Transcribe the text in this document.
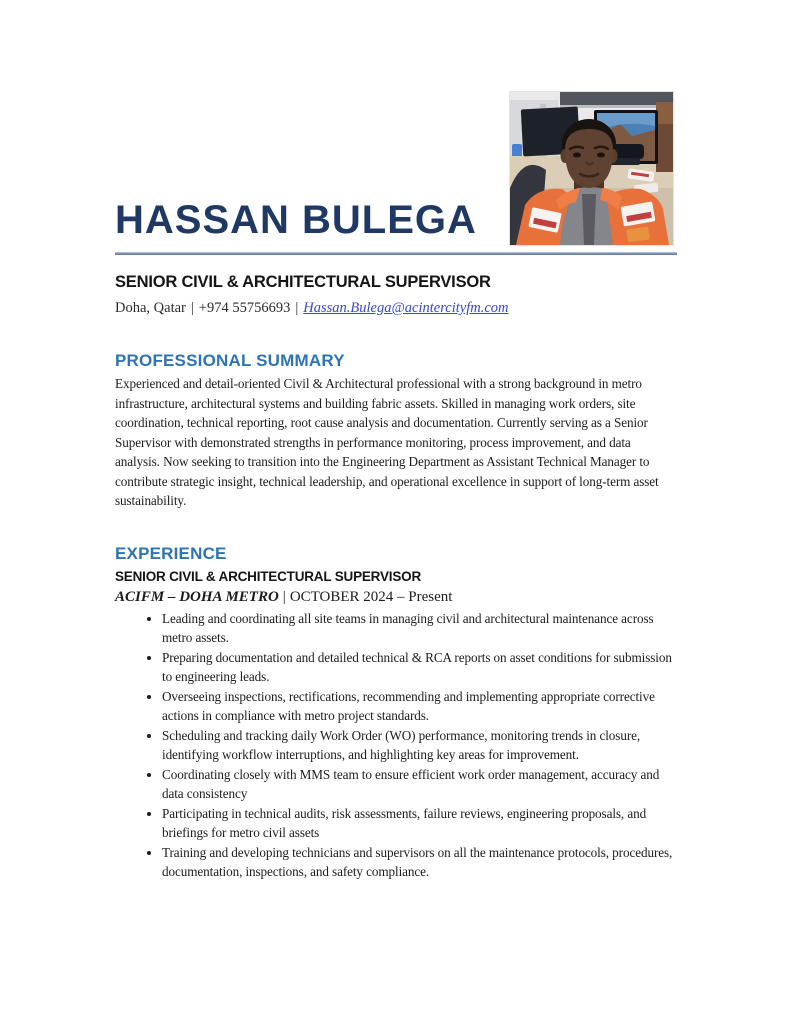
HASSAN BULEGA
SENIOR CIVIL & ARCHITECTURAL SUPERVISOR
Doha, Qatar | +974 55756693 | Hassan.Bulega@acintercityfm.com
PROFESSIONAL SUMMARY
Experienced and detail-oriented Civil & Architectural professional with a strong background in metro infrastructure, architectural systems and building fabric assets. Skilled in managing work orders, site coordination, technical reporting, root cause analysis and documentation. Currently serving as a Senior Supervisor with demonstrated strengths in performance monitoring, process improvement, and data analysis. Now seeking to transition into the Engineering Department as Assistant Technical Manager to contribute strategic insight, technical leadership, and operational excellence in support of long-term asset sustainability.
EXPERIENCE
SENIOR CIVIL & ARCHITECTURAL SUPERVISOR
ACIFM – DOHA METRO | OCTOBER 2024 – Present
• Leading and coordinating all site teams in managing civil and architectural maintenance across metro assets.
• Preparing documentation and detailed technical & RCA reports on asset conditions for submission to engineering leads.
• Overseeing inspections, rectifications, recommending and implementing appropriate corrective actions in compliance with metro project standards.
• Scheduling and tracking daily Work Order (WO) performance, monitoring trends in closure, identifying workflow interruptions, and highlighting key areas for improvement.
• Coordinating closely with MMS team to ensure efficient work order management, accuracy and data consistency
• Participating in technical audits, risk assessments, failure reviews, engineering proposals, and briefings for metro civil assets
• Training and developing technicians and supervisors on all the maintenance protocols, procedures, documentation, inspections, and safety compliance.
